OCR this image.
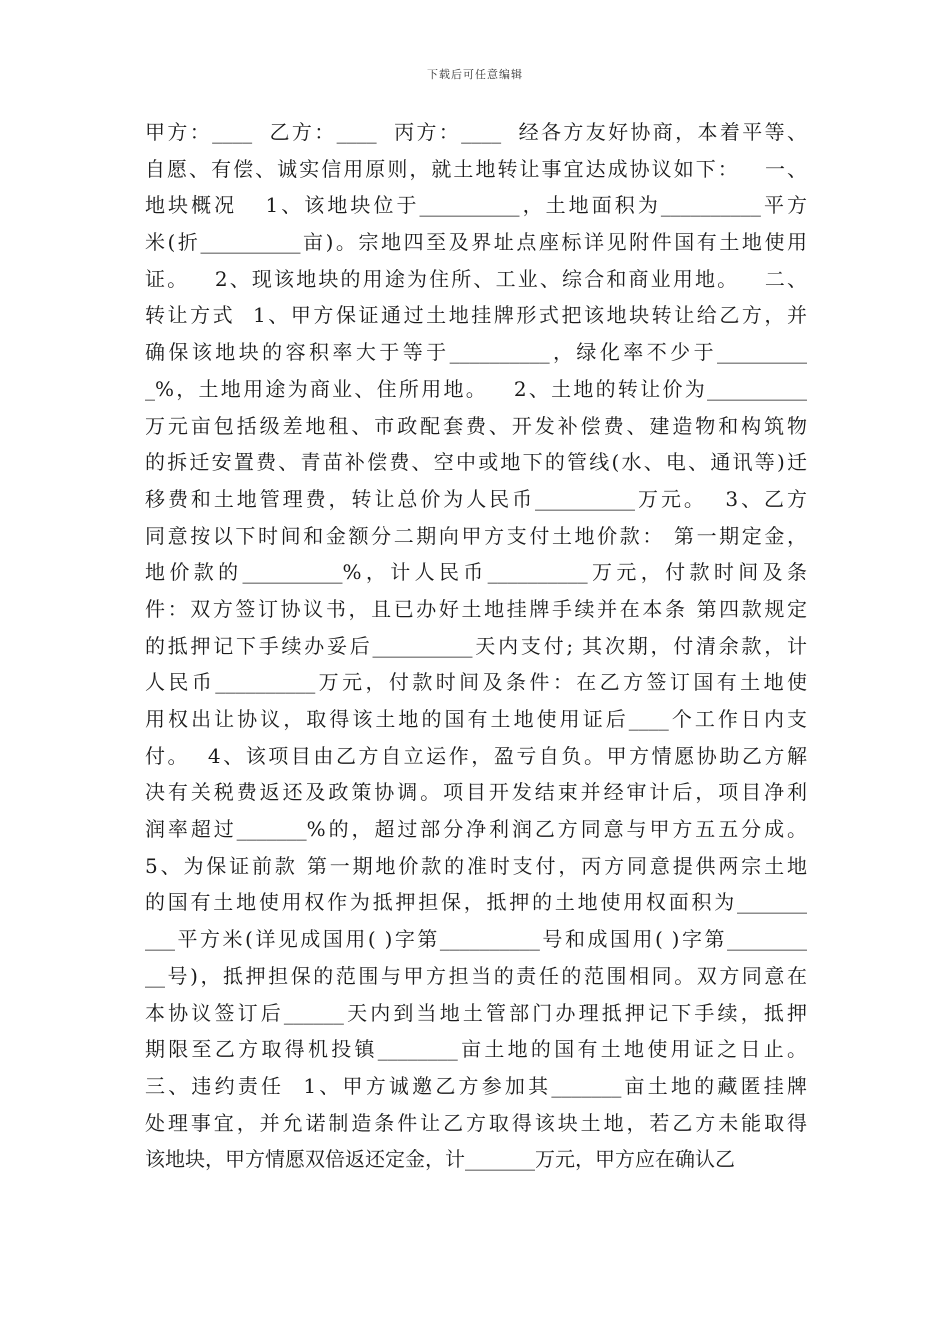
下载后可任意编辑
甲方：____  乙方：____  丙方：____  经各方友好协商，本着平等、
自愿、有偿、诚实信用原则，就土地转让事宜达成协议如下：   一、
地块概况   1、该地块位于__________，土地面积为__________平方
米(折__________亩)。宗地四至及界址点座标详见附件国有土地使用
证。   2、现该地块的用途为住所、工业、综合和商业用地。   二、
转让方式  1、甲方保证通过土地挂牌形式把该地块转让给乙方，并
确保该地块的容积率大于等于__________，绿化率不少于_________
_%，土地用途为商业、住所用地。   2、土地的转让价为__________
万元亩包括级差地租、市政配套费、开发补偿费、建造物和构筑物
的拆迁安置费、青苗补偿费、空中或地下的管线(水、电、通讯等)迁
移费和土地管理费，转让总价为人民币__________万元。  3、乙方
同意按以下时间和金额分二期向甲方支付土地价款： 第一期定金，
地价款的__________%，计人民币__________万元，付款时间及条
件：双方签订协议书，且已办好土地挂牌手续并在本条 第四款规定
的抵押记下手续办妥后__________天内支付; 其次期，付清余款，计
人民币__________万元，付款时间及条件：在乙方签订国有土地使
用权出让协议，取得该土地的国有土地使用证后____个工作日内支
付。  4、该项目由乙方自立运作，盈亏自负。甲方情愿协助乙方解
决有关税费返还及政策协调。项目开发结束并经审计后，项目净利
润率超过_______%的，超过部分净利润乙方同意与甲方五五分成。
5、为保证前款 第一期地价款的准时支付，丙方同意提供两宗土地
的国有土地使用权作为抵押担保，抵押的土地使用权面积为_______
___平方米(详见成国用( )字第__________号和成国用( )字第________
__号)，抵押担保的范围与甲方担当的责任的范围相同。双方同意在
本协议签订后______天内到当地土管部门办理抵押记下手续，抵押
期限至乙方取得机投镇________亩土地的国有土地使用证之日止。
三、违约责任  1、甲方诚邀乙方参加其_______亩土地的藏匿挂牌
处理事宜，并允诺制造条件让乙方取得该块土地，若乙方未能取得
该地块，甲方情愿双倍返还定金，计_______万元，甲方应在确认乙
